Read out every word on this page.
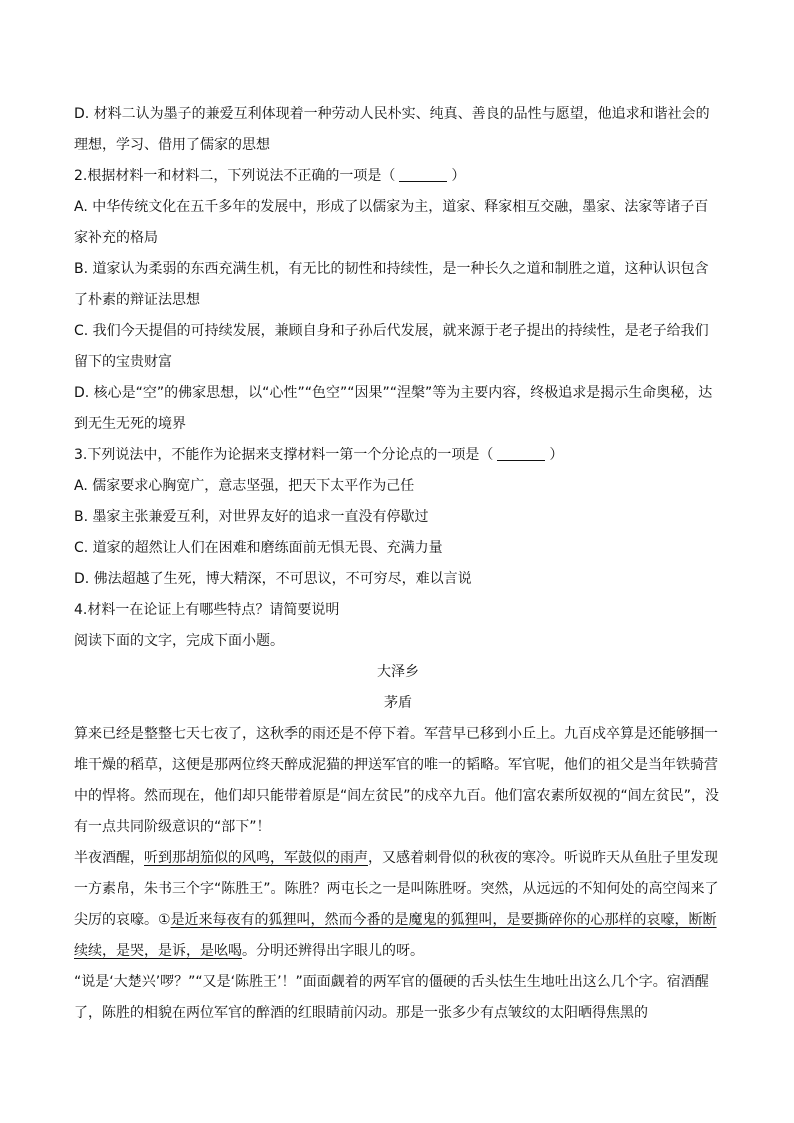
D. 材料二认为墨子的兼爱互利体现着一种劳动人民朴实、纯真、善良的品性与愿望，他追求和谐社会的理想，学习、借用了儒家的思想

2.根据材料一和材料二，下列说法不正确的一项是（	）

A. 中华传统文化在五千多年的发展中，形成了以儒家为主，道家、释家相互交融，墨家、法家等诸子百家补充的格局

B. 道家认为柔弱的东西充满生机，有无比的韧性和持续性，是一种长久之道和制胜之道，这种认识包含了朴素的辩证法思想

C. 我们今天提倡的可持续发展，兼顾自身和子孙后代发展，就来源于老子提出的持续性，是老子给我们留下的宝贵财富

D. 核心是“空”的佛家思想，以“心性”“色空”“因果”“涅槃”等为主要内容，终极追求是揭示生命奥秘，达到无生无死的境界

3.下列说法中，不能作为论据来支撑材料一第一个分论点的一项是（	）

A. 儒家要求心胸宽广，意志坚强，把天下太平作为己任

B. 墨家主张兼爱互利，对世界友好的追求一直没有停歇过

C. 道家的超然让人们在困难和磨练面前无惧无畏、充满力量

D. 佛法超越了生死，博大精深，不可思议，不可穷尽，难以言说

4.材料一在论证上有哪些特点？请简要说明

阅读下面的文字，完成下面小题。

大泽乡

茅盾

算来已经是整整七天七夜了，这秋季的雨还是不停下着。军营早已移到小丘上。九百戍卒算是还能够掴一堆干燥的稻草，这便是那两位终天醉成泥猫的押送军官的唯一的韬略。军官呢，他们的祖父是当年铁骑营中的悍将。然而现在，他们却只能带着原是“闾左贫民”的戍卒九百。他们富农素所奴视的“闾左贫民”，没有一点共同阶级意识的“部下”！

半夜酒醒，听到那胡笳似的风鸣，军鼓似的雨声，又感着刺骨似的秋夜的寒冷。听说昨天从鱼肚子里发现一方素帛，朱书三个字“陈胜王”。陈胜？两屯长之一是叫陈胜呀。突然，从远远的不知何处的高空闯来了尖厉的哀嚎。①是近来每夜有的狐狸叫，然而今番的是魔鬼的狐狸叫，是要撕碎你的心那样的哀嚎，断断续续，是哭，是诉，是吆喝。分明还辨得出字眼儿的呀。

“说是‘大楚兴’啰？”“又是‘陈胜王’！”面面觑着的两军官的僵硬的舌头怯生生地吐出这么几个字。宿酒醒了，陈胜的相貌在两位军官的醉酒的红眼睛前闪动。那是一张多少有点皱纹的太阳晒得焦黑的
